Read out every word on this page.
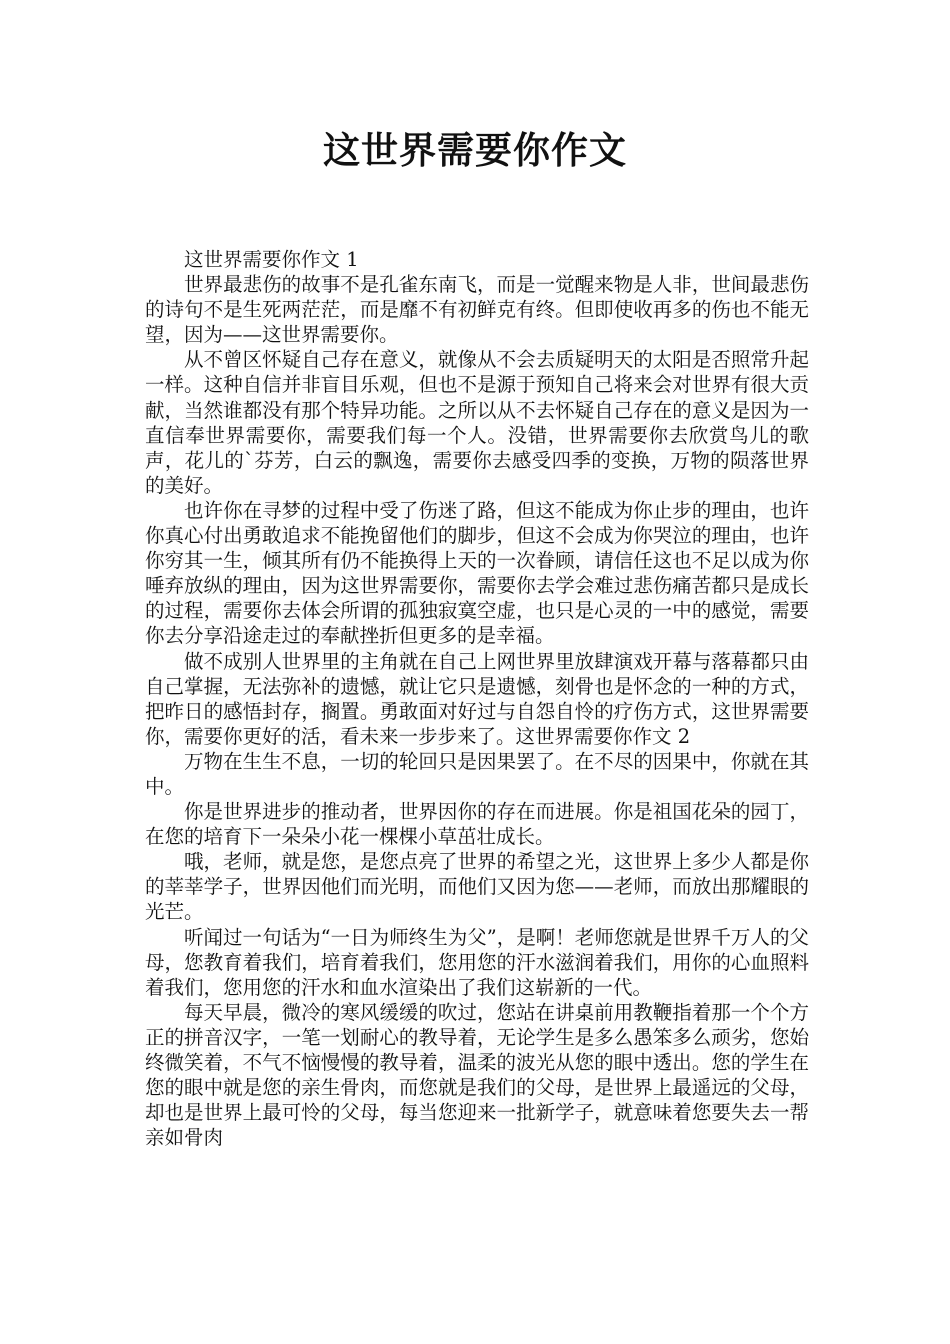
这世界需要你作文

这世界需要你作文 1

世界最悲伤的故事不是孔雀东南飞，而是一觉醒来物是人非，世间最悲伤的诗句不是生死两茫茫，而是靡不有初鲜克有终。但即使收再多的伤也不能无望，因为——这世界需要你。

从不曾区怀疑自己存在意义，就像从不会去质疑明天的太阳是否照常升起一样。这种自信并非盲目乐观，但也不是源于预知自己将来会对世界有很大贡献，当然谁都没有那个特异功能。之所以从不去怀疑自己存在的意义是因为一直信奉世界需要你，需要我们每一个人。没错，世界需要你去欣赏鸟儿的歌声，花儿的`芬芳，白云的飘逸，需要你去感受四季的变换，万物的陨落世界的美好。

也许你在寻梦的过程中受了伤迷了路，但这不能成为你止步的理由，也许你真心付出勇敢追求不能挽留他们的脚步，但这不会成为你哭泣的理由，也许你穷其一生，倾其所有仍不能换得上天的一次眷顾，请信任这也不足以成为你唾弃放纵的理由，因为这世界需要你，需要你去学会难过悲伤痛苦都只是成长的过程，需要你去体会所谓的孤独寂寞空虚，也只是心灵的一中的感觉，需要你去分享沿途走过的奉献挫折但更多的是幸福。

做不成别人世界里的主角就在自己上网世界里放肆演戏开幕与落幕都只由自己掌握，无法弥补的遗憾，就让它只是遗憾，刻骨也是怀念的一种的方式，把昨日的感悟封存，搁置。勇敢面对好过与自怨自怜的疗伤方式，这世界需要你，需要你更好的活，看未来一步步来了。这世界需要你作文 2

万物在生生不息，一切的轮回只是因果罢了。在不尽的因果中，你就在其中。

你是世界进步的推动者，世界因你的存在而进展。你是祖国花朵的园丁，在您的培育下一朵朵小花一棵棵小草茁壮成长。

哦，老师，就是您，是您点亮了世界的希望之光，这世界上多少人都是你的莘莘学子，世界因他们而光明，而他们又因为您——老师，而放出那耀眼的光芒。

听闻过一句话为“一日为师终生为父”，是啊！老师您就是世界千万人的父母，您教育着我们，培育着我们，您用您的汗水滋润着我们，用你的心血照料着我们，您用您的汗水和血水渲染出了我们这崭新的一代。

每天早晨，微冷的寒风缓缓的吹过，您站在讲桌前用教鞭指着那一个个方正的拼音汉字，一笔一划耐心的教导着，无论学生是多么愚笨多么顽劣，您始终微笑着，不气不恼慢慢的教导着，温柔的波光从您的眼中透出。您的学生在您的眼中就是您的亲生骨肉，而您就是我们的父母，是世界上最遥远的父母，却也是世界上最可怜的父母，每当您迎来一批新学子，就意味着您要失去一帮亲如骨肉
